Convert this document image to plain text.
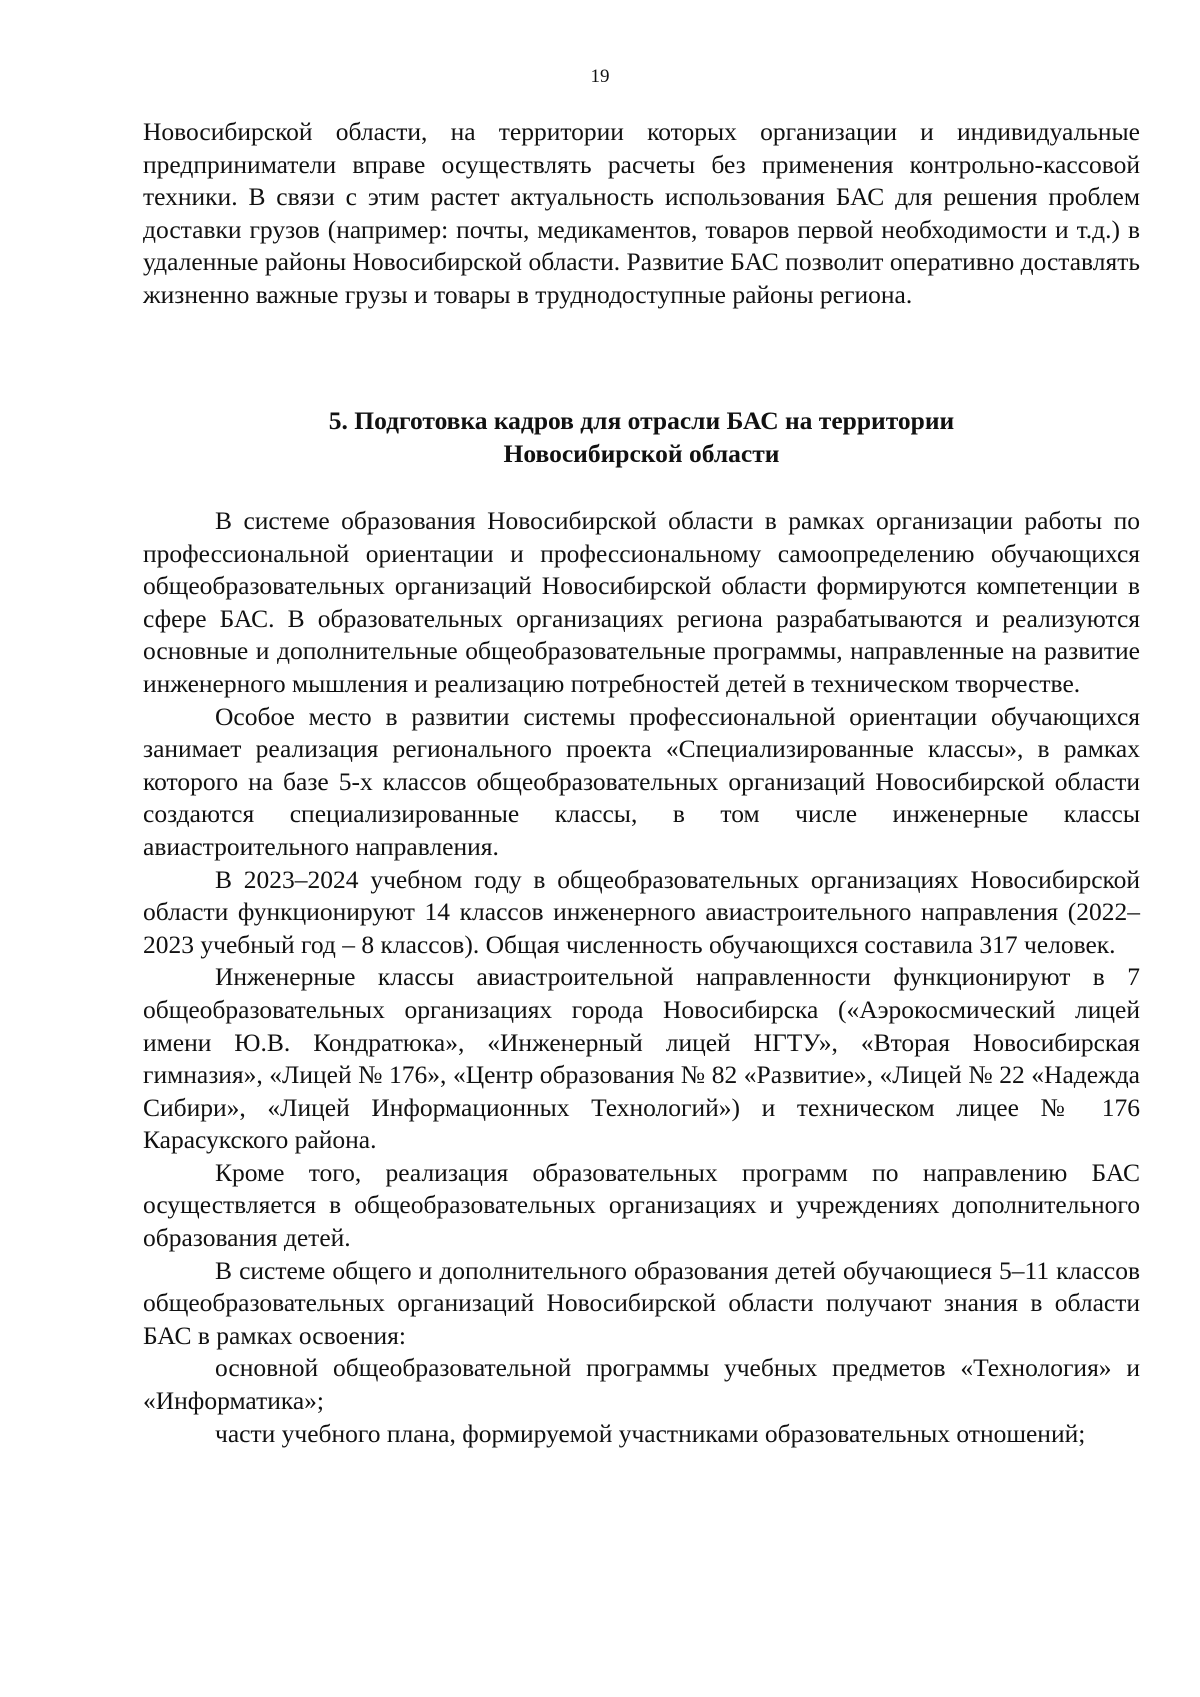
19

Новосибирской области, на территории которых организации и индивидуальные предприниматели вправе осуществлять расчеты без применения контрольно-кассовой техники. В связи с этим растет актуальность использования БАС для решения проблем доставки грузов (например: почты, медикаментов, товаров первой необходимости и т.д.) в удаленные районы Новосибирской области. Развитие БАС позволит оперативно доставлять жизненно важные грузы и товары в труднодоступные районы региона.

5. Подготовка кадров для отрасли БАС на территории
Новосибирской области

В системе образования Новосибирской области в рамках организации работы по профессиональной ориентации и профессиональному самоопределению обучающихся общеобразовательных организаций Новосибирской области формируются компетенции в сфере БАС. В образовательных организациях региона разрабатываются и реализуются основные и дополнительные общеобразовательные программы, направленные на развитие инженерного мышления и реализацию потребностей детей в техническом творчестве.

Особое место в развитии системы профессиональной ориентации обучающихся занимает реализация регионального проекта «Специализированные классы», в рамках которого на базе 5-х классов общеобразовательных организаций Новосибирской области создаются специализированные классы, в том числе инженерные классы авиастроительного направления.

В 2023–2024 учебном году в общеобразовательных организациях Новосибирской области функционируют 14 классов инженерного авиастроительного направления (2022–2023 учебный год – 8 классов). Общая численность обучающихся составила 317 человек.

Инженерные классы авиастроительной направленности функционируют в 7 общеобразовательных организациях города Новосибирска («Аэрокосмический лицей имени Ю.В. Кондратюка», «Инженерный лицей НГТУ», «Вторая Новосибирская гимназия», «Лицей № 176», «Центр образования № 82 «Развитие», «Лицей № 22 «Надежда Сибири», «Лицей Информационных Технологий») и техническом лицее № 176 Карасукского района.

Кроме того, реализация образовательных программ по направлению БАС осуществляется в общеобразовательных организациях и учреждениях дополнительного образования детей.

В системе общего и дополнительного образования детей обучающиеся 5–11 классов общеобразовательных организаций Новосибирской области получают знания в области БАС в рамках освоения:

основной общеобразовательной программы учебных предметов «Технология» и «Информатика»;

части учебного плана, формируемой участниками образовательных отношений;
